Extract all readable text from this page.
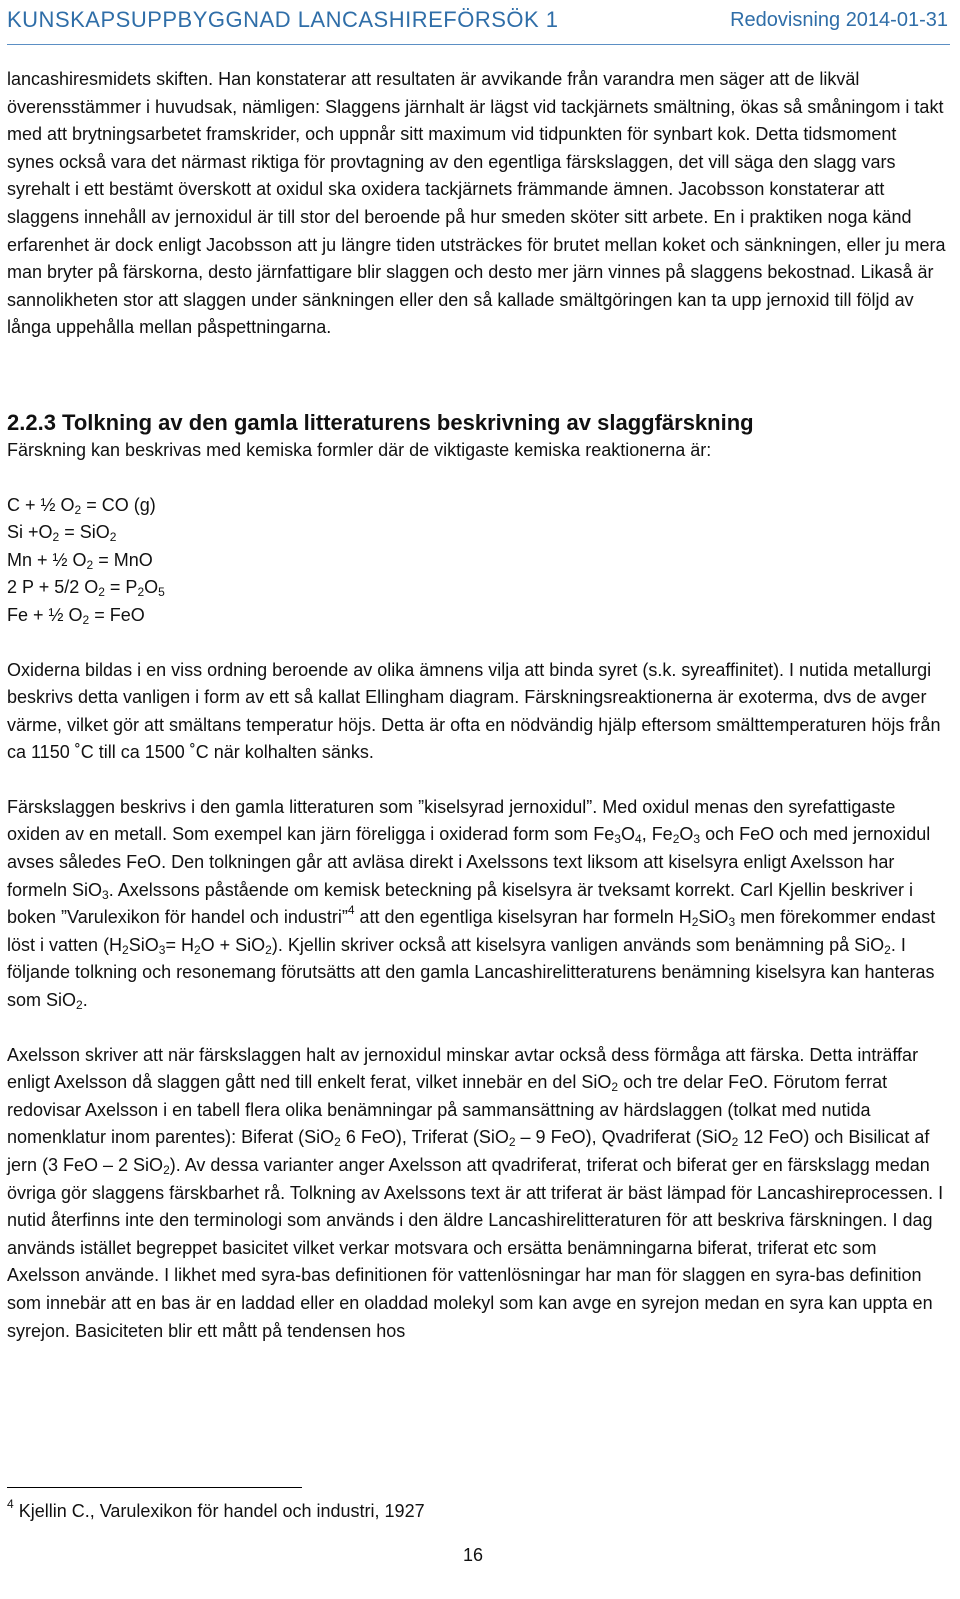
KUNSKAPSUPPBYGGNAD LANCASHIREFÖRSÖK 1	Redovisning 2014-01-31

lancashiresmidets skiften. Han konstaterar att resultaten är avvikande från varandra men säger att de likväl överensstämmer i huvudsak, nämligen: Slaggens järnhalt är lägst vid tackjärnets smältning, ökas så småningom i takt med att brytningsarbetet framskrider, och uppnår sitt maximum vid tidpunkten för synbart kok. Detta tidsmoment synes också vara det närmast riktiga för provtagning av den egentliga färskslaggen, det vill säga den slagg vars syrehalt i ett bestämt överskott at oxidul ska oxidera tackjärnets främmande ämnen. Jacobsson konstaterar att slaggens innehåll av jernoxidul är till stor del beroende på hur smeden sköter sitt arbete. En i praktiken noga känd erfarenhet är dock enligt Jacobsson att ju längre tiden utsträckes för brutet mellan koket och sänkningen, eller ju mera man bryter på färskorna, desto järnfattigare blir slaggen och desto mer järn vinnes på slaggens bekostnad. Likaså är sannolikheten stor att slaggen under sänkningen eller den så kallade smältgöringen kan ta upp jernoxid till följd av långa uppehålla mellan påspettningarna.

2.2.3 Tolkning av den gamla litteraturens beskrivning av slaggfärskning

Färskning kan beskrivas med kemiska formler där de viktigaste kemiska reaktionerna är:

C + ½ $O_2$ = CO (g)
$Si +O_2 = SiO_2$
Mn + ½ $O_2$ = MnO
2 P + 5/2 $O_2 = P_2O_5$
Fe + ½ $O_2$ = FeO

Oxiderna bildas i en viss ordning beroende av olika ämnens vilja att binda syret (s.k. syreaffinitet). I nutida metallurgi beskrivs detta vanligen i form av ett så kallat Ellingham diagram. Färskningsreaktionerna är exoterma, dvs de avger värme, vilket gör att smältans temperatur höjs. Detta är ofta en nödvändig hjälp eftersom smälttemperaturen höjs från ca 1150 ˚C till ca 1500 ˚C när kolhalten sänks.

Färskslaggen beskrivs i den gamla litteraturen som ”kiselsyrad jernoxidul”. Med oxidul menas den syrefattigaste oxiden av en metall. Som exempel kan järn föreligga i oxiderad form som $Fe_3O_4$, $Fe_2O_3$ och FeO och med jernoxidul avses således FeO. Den tolkningen går att avläsa direkt i Axelssons text liksom att kiselsyra enligt Axelsson har formeln SiO$_3$. Axelssons påstående om kemisk beteckning på kiselsyra är tveksamt korrekt. Carl Kjellin beskriver i boken ”Varulexikon för handel och industri”$^4$ att den egentliga kiselsyran har formeln $H_2SiO_3$ men förekommer endast löst i vatten $(H_2SiO_3= H_2O + SiO_2)$. Kjellin skriver också att kiselsyra vanligen används som benämning på SiO$_2$. I följande tolkning och resonemang förutsätts att den gamla Lancashirelitteraturens benämning kiselsyra kan hanteras som SiO$_2$.

Axelsson skriver att när färskslaggen halt av jernoxidul minskar avtar också dess förmåga att färska. Detta inträffar enligt Axelsson då slaggen gått ned till enkelt ferat, vilket innebär en del SiO$_2$ och tre delar FeO. Förutom ferrat redovisar Axelsson i en tabell flera olika benämningar på sammansättning av härdslaggen (tolkat med nutida nomenklatur inom parentes): Biferat (SiO$_2$ 6 FeO), Triferat (SiO$_2$ – 9 FeO), Qvadriferat (SiO$_2$ 12 FeO) och Bisilicat af jern (3 FeO – 2 SiO$_2$). Av dessa varianter anger Axelsson att qvadriferat, triferat och biferat ger en färskslagg medan övriga gör slaggens färskbarhet rå. Tolkning av Axelssons text är att triferat är bäst lämpad för Lancashireprocessen. I nutid återfinns inte den terminologi som används i den äldre Lancashirelitteraturen för att beskriva färskningen. I dag används istället begreppet basicitet vilket verkar motsvara och ersätta benämningarna biferat, triferat etc som Axelsson använde. I likhet med syra-bas definitionen för vattenlösningar har man för slaggen en syra-bas definition som innebär att en bas är en laddad eller en oladdad molekyl som kan avge en syrejon medan en syra kan uppta en syrejon. Basiciteten blir ett mått på tendensen hos

$^4$ Kjellin C., Varulexikon för handel och industri, 1927
16
